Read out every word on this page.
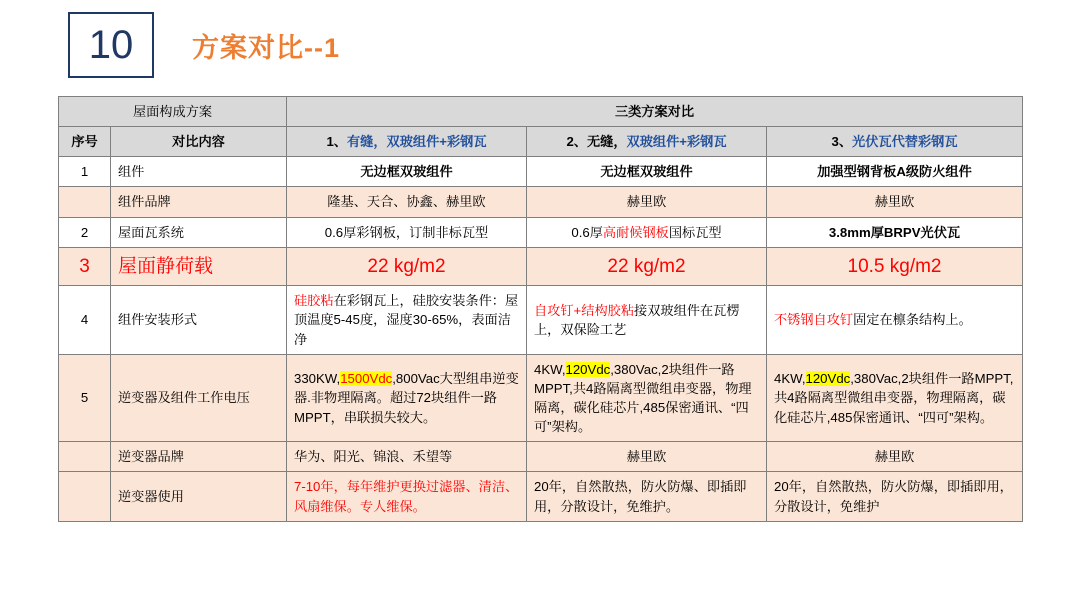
10 方案对比--1
屋面构成方案		三类方案对比		
序号	对比内容	1、有缝，双玻组件+彩钢瓦	2、无缝，双玻组件+彩钢瓦	3、光伏瓦代替彩钢瓦
1	组件	无边框双玻组件	无边框双玻组件	加强型钢背板A级防火组件
	组件品牌	隆基、天合、协鑫、赫里欧	赫里欧	赫里欧
2	屋面瓦系统	0.6厚彩钢板，订制非标瓦型	0.6厚高耐候钢板国标瓦型	3.8mm厚BRPV光伏瓦
3	屋面静荷载	22 kg/m2	22 kg/m2	10.5 kg/m2
4	组件安装形式	硅胶粘在彩钢瓦上，硅胶安装条件：屋顶温度5-45度，湿度30-65%，表面洁净	自攻钉+结构胶粘接双玻组件在瓦楞上，双保险工艺	不锈钢自攻钉固定在檩条结构上。
5	逆变器及组件工作电压	330KW,1500Vdc,800Vac大型组串逆变器.非物理隔离。超过72块组件一路MPPT，串联损失较大。	4KW,120Vdc,380Vac,2块组件一路MPPT,共4路隔离型微组串变器，物理隔离，碳化硅芯片,485保密通讯、“四可”架构。	4KW,120Vdc,380Vac,2块组件一路MPPT,共4路隔离型微组串变器，物理隔离，碳化硅芯片,485保密通讯、“四可”架构。
	逆变器品牌	华为、阳光、锦浪、禾望等	赫里欧	赫里欧
	逆变器使用	7-10年，每年维护更换过滤器、清洁、风扇维保。专人维保。	20年，自然散热，防火防爆、即插即用，分散设计，免维护。	20年，自然散热，防火防爆，即插即用，分散设计，免维护
